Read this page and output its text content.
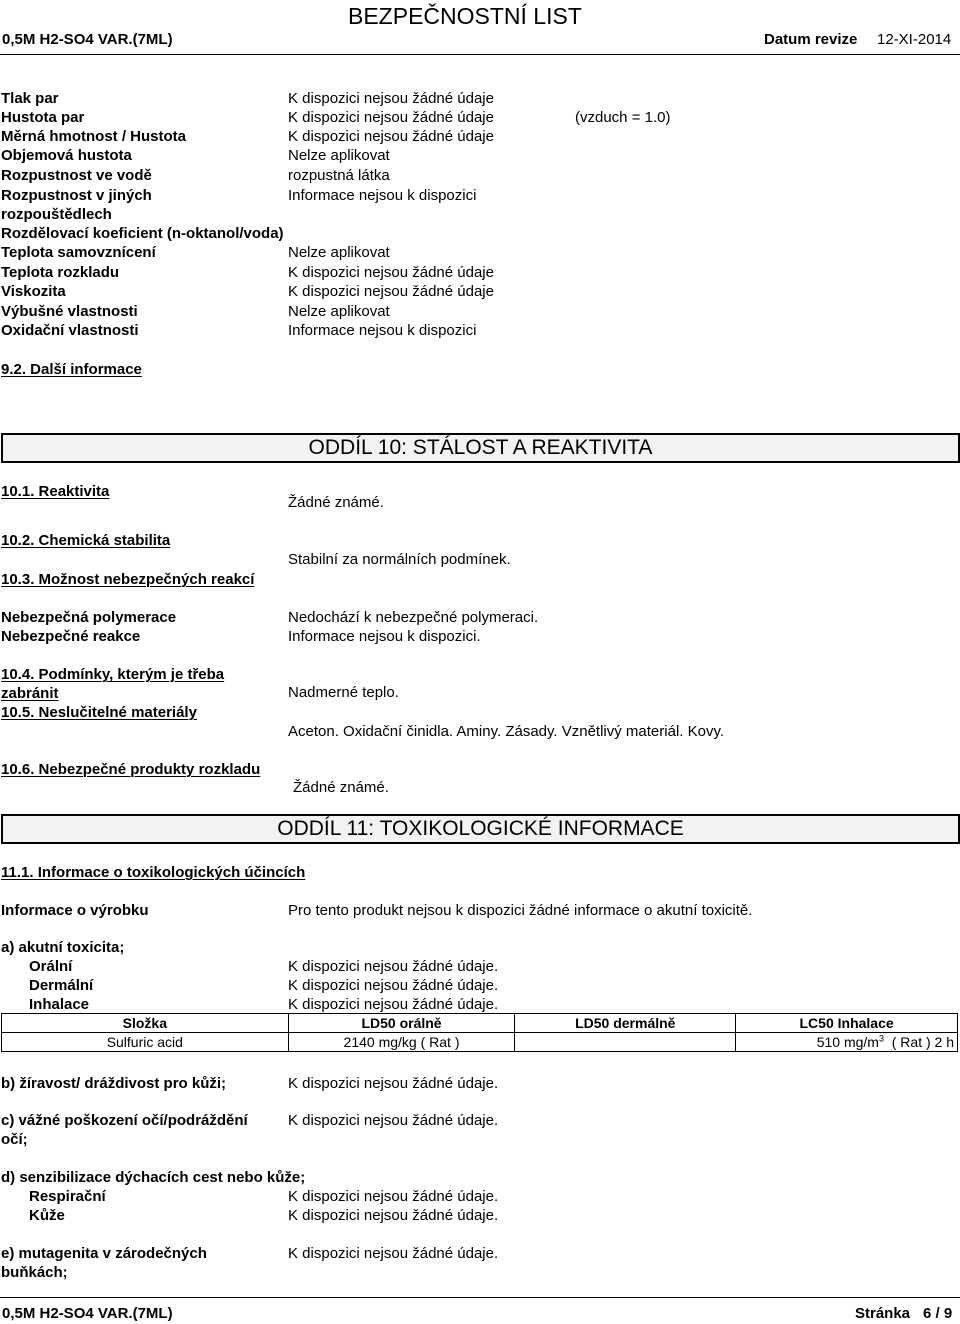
BEZPEČNOSTNÍ LIST
0,5M H2-SO4 VAR.(7ML)	Datum revize 12-XI-2014
Tlak par	K dispozici nejsou žádné údaje
Hustota par	K dispozici nejsou žádné údaje	(vzduch = 1.0)
Měrná hmotnost / Hustota	K dispozici nejsou žádné údaje
Objemová hustota	Nelze aplikovat
Rozpustnost ve vodě	rozpustná látka
Rozpustnost v jiných	Informace nejsou k dispozici
rozpouštědlech
Rozdělovací koeficient (n-oktanol/voda)
Teplota samovznícení	Nelze aplikovat
Teplota rozkladu	K dispozici nejsou žádné údaje
Viskozita	K dispozici nejsou žádné údaje
Výbušné vlastnosti	Nelze aplikovat
Oxidační vlastnosti	Informace nejsou k dispozici
9.2. Další informace
ODDÍL 10: STÁLOST A REAKTIVITA
10.1. Reaktivita
Žádné známé.
10.2. Chemická stabilita
Stabilní za normálních podmínek.
10.3. Možnost nebezpečných reakcí
Nebezpečná polymerace	Nedochází k nebezpečné polymeraci.
Nebezpečné reakce	Informace nejsou k dispozici.
10.4. Podmínky, kterým je třeba
zabránit	Nadmerné teplo.
10.5. Neslučitelné materiály
Aceton. Oxidační činidla. Aminy. Zásady. Vznětlivý materiál. Kovy.
10.6. Nebezpečné produkty rozkladu
Žádné známé.
ODDÍL 11: TOXIKOLOGICKÉ INFORMACE
11.1. Informace o toxikologických účincích
Informace o výrobku	Pro tento produkt nejsou k dispozici žádné informace o akutní toxicitě.
a) akutní toxicita;
Orální	K dispozici nejsou žádné údaje.
Dermální	K dispozici nejsou žádné údaje.
Inhalace	K dispozici nejsou žádné údaje.
Složka	LD50 orálně	LD50 dermálně	LC50 Inhalace
Sulfuric acid	2140 mg/kg ( Rat )		510 $mg/m^3$  ( Rat ) 2 h
b) žíravost/ dráždivost pro kůži;	K dispozici nejsou žádné údaje.
c) vážné poškození očí/podráždění
očí;
K dispozici nejsou žádné údaje.
d) senzibilizace dýchacích cest nebo kůže;
Respirační	K dispozici nejsou žádné údaje.
Kůže	K dispozici nejsou žádné údaje.
e) mutagenita v zárodečných
buňkách;
K dispozici nejsou žádné údaje.
0,5M H2-SO4 VAR.(7ML)	Stránka 6 / 9
